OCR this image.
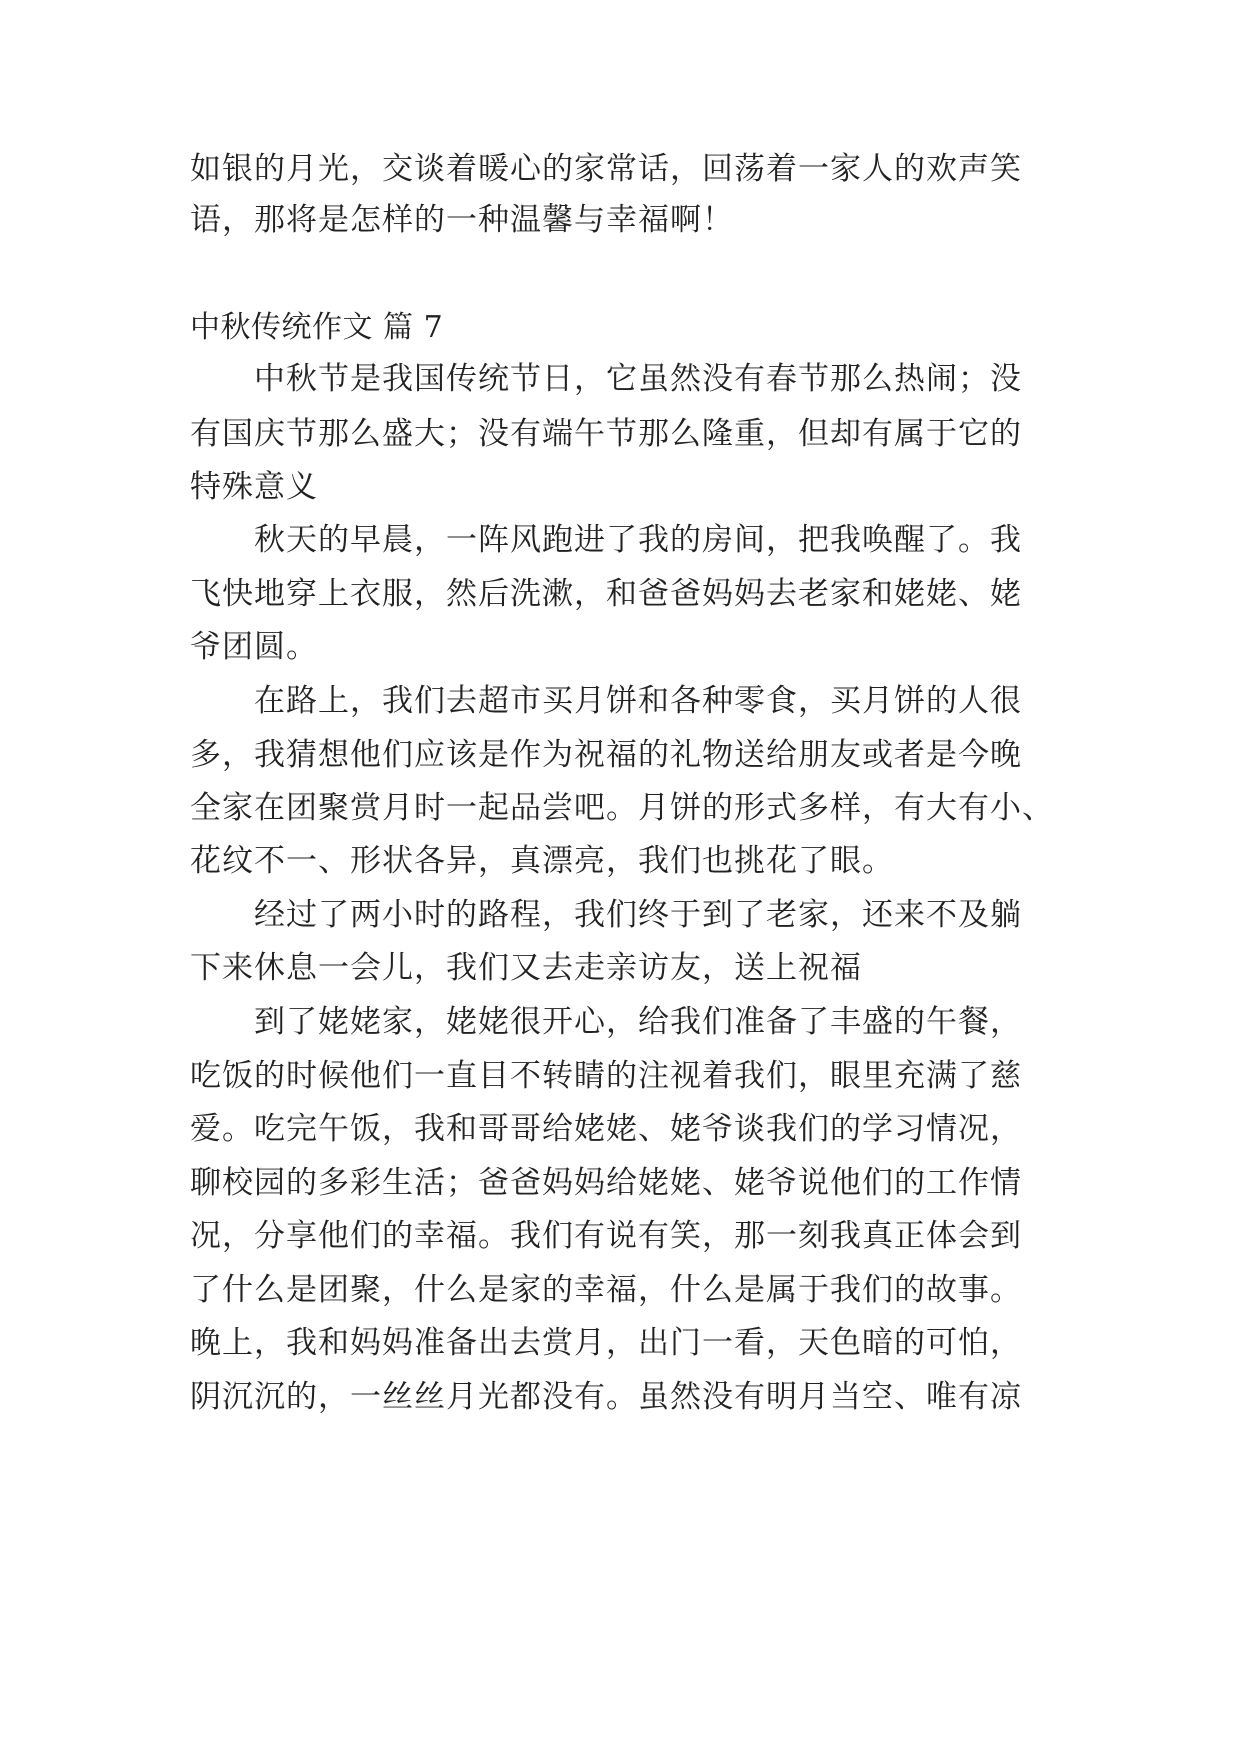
如银的月光，交谈着暖心的家常话，回荡着一家人的欢声笑
语，那将是怎样的一种温馨与幸福啊！
中秋传统作文 篇 7
　　中秋节是我国传统节日，它虽然没有春节那么热闹；没
有国庆节那么盛大；没有端午节那么隆重，但却有属于它的
特殊意义
　　秋天的早晨，一阵风跑进了我的房间，把我唤醒了。我
飞快地穿上衣服，然后洗漱，和爸爸妈妈去老家和姥姥、姥
爷团圆。
　　在路上，我们去超市买月饼和各种零食，买月饼的人很
多，我猜想他们应该是作为祝福的礼物送给朋友或者是今晚
全家在团聚赏月时一起品尝吧。月饼的形式多样，有大有小、
花纹不一、形状各异，真漂亮，我们也挑花了眼。
　　经过了两小时的路程，我们终于到了老家，还来不及躺
下来休息一会儿，我们又去走亲访友，送上祝福
　　到了姥姥家，姥姥很开心，给我们准备了丰盛的午餐，
吃饭的时候他们一直目不转睛的注视着我们，眼里充满了慈
爱。吃完午饭，我和哥哥给姥姥、姥爷谈我们的学习情况，
聊校园的多彩生活；爸爸妈妈给姥姥、姥爷说他们的工作情
况，分享他们的幸福。我们有说有笑，那一刻我真正体会到
了什么是团聚，什么是家的幸福，什么是属于我们的故事。
晚上，我和妈妈准备出去赏月，出门一看，天色暗的可怕，
阴沉沉的，一丝丝月光都没有。虽然没有明月当空、唯有凉
